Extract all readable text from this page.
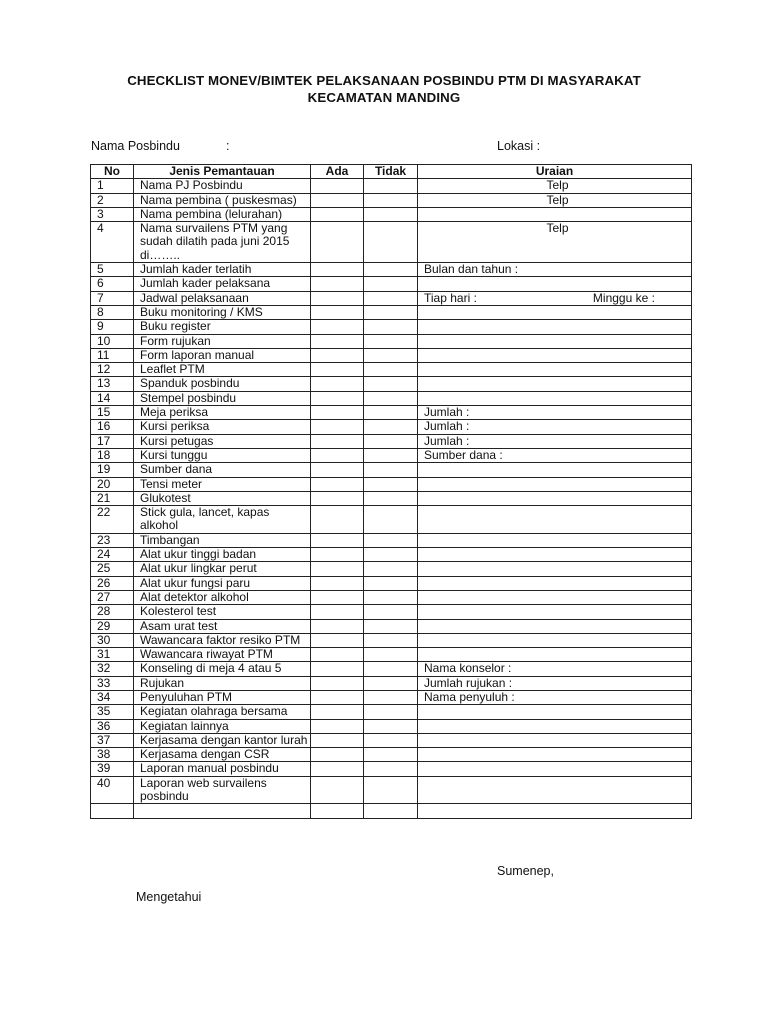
CHECKLIST MONEV/BIMTEK PELAKSANAAN POSBINDU PTM DI MASYARAKAT
KECAMATAN MANDING
Nama Posbindu	:	Lokasi :
No	Jenis Pemantauan	Ada	Tidak	Uraian
1	Nama PJ Posbindu			Telp
2	Nama pembina ( puskesmas)			Telp
3	Nama pembina (lelurahan)			
4	Nama survailens PTM yang sudah dilatih pada juni 2015 di……..			Telp
5	Jumlah kader terlatih			Bulan dan tahun :
6	Jumlah kader pelaksana			
7	Jadwal pelaksanaan			Tiap hari : Minggu ke :
8	Buku monitoring / KMS			
9	Buku register			
10	Form rujukan			
11	Form laporan manual			
12	Leaflet PTM			
13	Spanduk posbindu			
14	Stempel posbindu			
15	Meja periksa			Jumlah :
16	Kursi periksa			Jumlah :
17	Kursi petugas			Jumlah :
18	Kursi tunggu			Sumber dana :
19	Sumber dana			
20	Tensi meter			
21	Glukotest			
22	Stick gula, lancet, kapas alkohol			
23	Timbangan			
24	Alat ukur tinggi badan			
25	Alat ukur lingkar perut			
26	Alat ukur fungsi paru			
27	Alat detektor alkohol			
28	Kolesterol test			
29	Asam urat test			
30	Wawancara faktor resiko PTM			
31	Wawancara riwayat PTM			
32	Konseling di meja 4 atau 5			Nama konselor :
33	Rujukan			Jumlah rujukan :
34	Penyuluhan PTM			Nama penyuluh :
35	Kegiatan olahraga bersama			
36	Kegiatan lainnya			
37	Kerjasama dengan kantor lurah			
38	Kerjasama dengan CSR			
39	Laporan manual posbindu			
40	Laporan web survailens posbindu			

Sumenep,
Mengetahui
